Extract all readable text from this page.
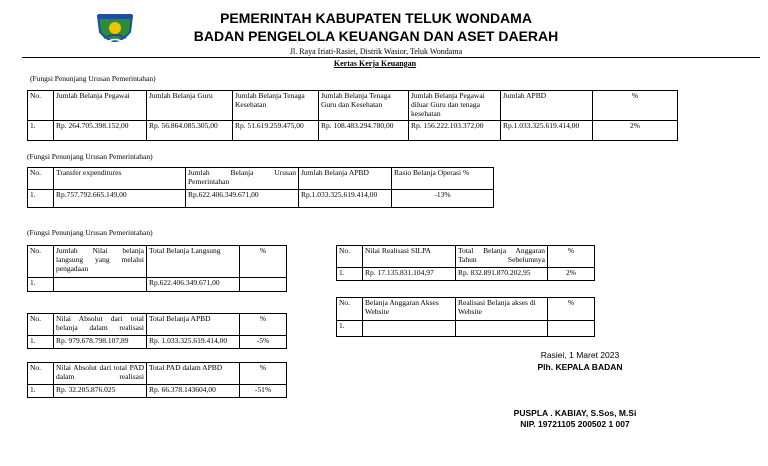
PEMERINTAH KABUPATEN TELUK WONDAMA
BADAN PENGELOLA KEUANGAN DAN ASET DAERAH
Jl. Raya Iriati-Rasiei, Distrik Wasior, Teluk Wondama
Kertas Kerja Keuangan
(Fungsi Penunjang Urusan Pemerintahan)
No.	Jumlah Belanja Pegawai	Jumlah Belanja Guru	Jumlah Belanja Tenaga Kesehatan	Jumlah Belanja Tenaga Guru dan Kesehatan	Jumlah Belanja Pegawai diluar Guru dan tenaga kesehatan	Jumlah APBD	%
1.	Rp. 264.705.398.152,00	Rp. 56.864.085.305,00	Rp. 51.619.259.475,00	Rp. 108.483.294.780,00	Rp. 156.222.103.372,00	Rp.1.033.325.619.414,00	2%
(Fungsi Penunjang Urusan Pemerintahan)
No.	Transfer expenditures	Jumlah Belanja Urusan Pemerintahan	Jumlah Belanja APBD	Rasio Belanja Operasi %
1.	Rp.757.792.665.149,00	Rp.622.406.349.671,00	Rp.1.033.325.619.414,00	-13%
(Fungsi Penunjang Urusan Pemerintahan)
No.	Jumlah Nilai belanja langsung yang melalui pengadaan	Total Belanja Langsung	%
1.		Rp.622.406.349.671,00	
No.	Nilai Absolut dari total belanja dalam realisasi	Total Belanja APBD	%
1.	Rp. 979.678.798.107,89	Rp. 1.033.325.619.414,00	-5%
No.	Nilai Absolut dari total PAD dalam realisasi	Total PAD dalam APBD	%
1.	Rp. 32.205.876.025	Rp. 66.378.143604,00	-51%
No.	Nilai Realisasi SILPA	Total Belanja Anggaran Tahun Sebelumnya	%
1.	Rp. 17.135.831.104,97	Rp. 832.891.870.202,95	2%
No.	Belanja Anggaran Akses Website	Realisasi Belanja akses di Website	%
1.			
Rasiei, 1 Maret 2023
Plh. KEPALA BADAN
PUSPLA . KABIAY, S.Sos, M.Si
NIP. 19721105 200502 1 007
